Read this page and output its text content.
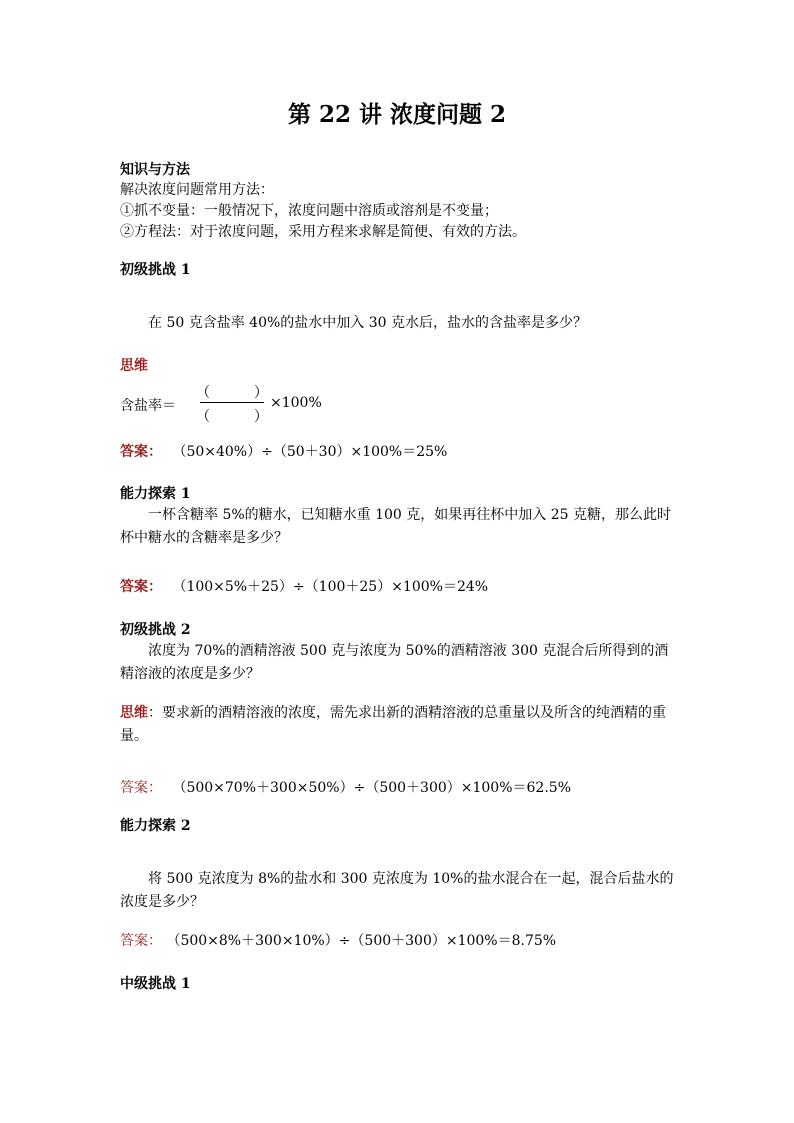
第 22 讲 浓度问题 2
知识与方法
解决浓度问题常用方法：
①抓不变量：一般情况下，浓度问题中溶质或溶剂是不变量；
②方程法：对于浓度问题，采用方程来求解是简便、有效的方法。
初级挑战 1
在 50 克含盐率 40%的盐水中加入 30 克水后，盐水的含盐率是多少？
思维
含盐率＝
（	）
（	）
×100%
答案： （50×40%）÷（50＋30）×100%＝25%
能力探索 1
一杯含糖率 5%的糖水，已知糖水重 100 克，如果再往杯中加入 25 克糖，那么此时杯中糖水的含糖率是多少？
答案： （100×5%＋25）÷（100＋25）×100%＝24%
初级挑战 2
浓度为 70%的酒精溶液 500 克与浓度为 50%的酒精溶液 300 克混合后所得到的酒精溶液的浓度是多少？
思维：要求新的酒精溶液的浓度，需先求出新的酒精溶液的总重量以及所含的纯酒精的重量。
答案： （500×70%＋300×50%）÷（500＋300）×100%＝62.5%
能力探索 2
将 500 克浓度为 8%的盐水和 300 克浓度为 10%的盐水混合在一起，混合后盐水的浓度是多少？
答案： （500×8%＋300×10%）÷（500＋300）×100%＝8.75%
中级挑战 1
